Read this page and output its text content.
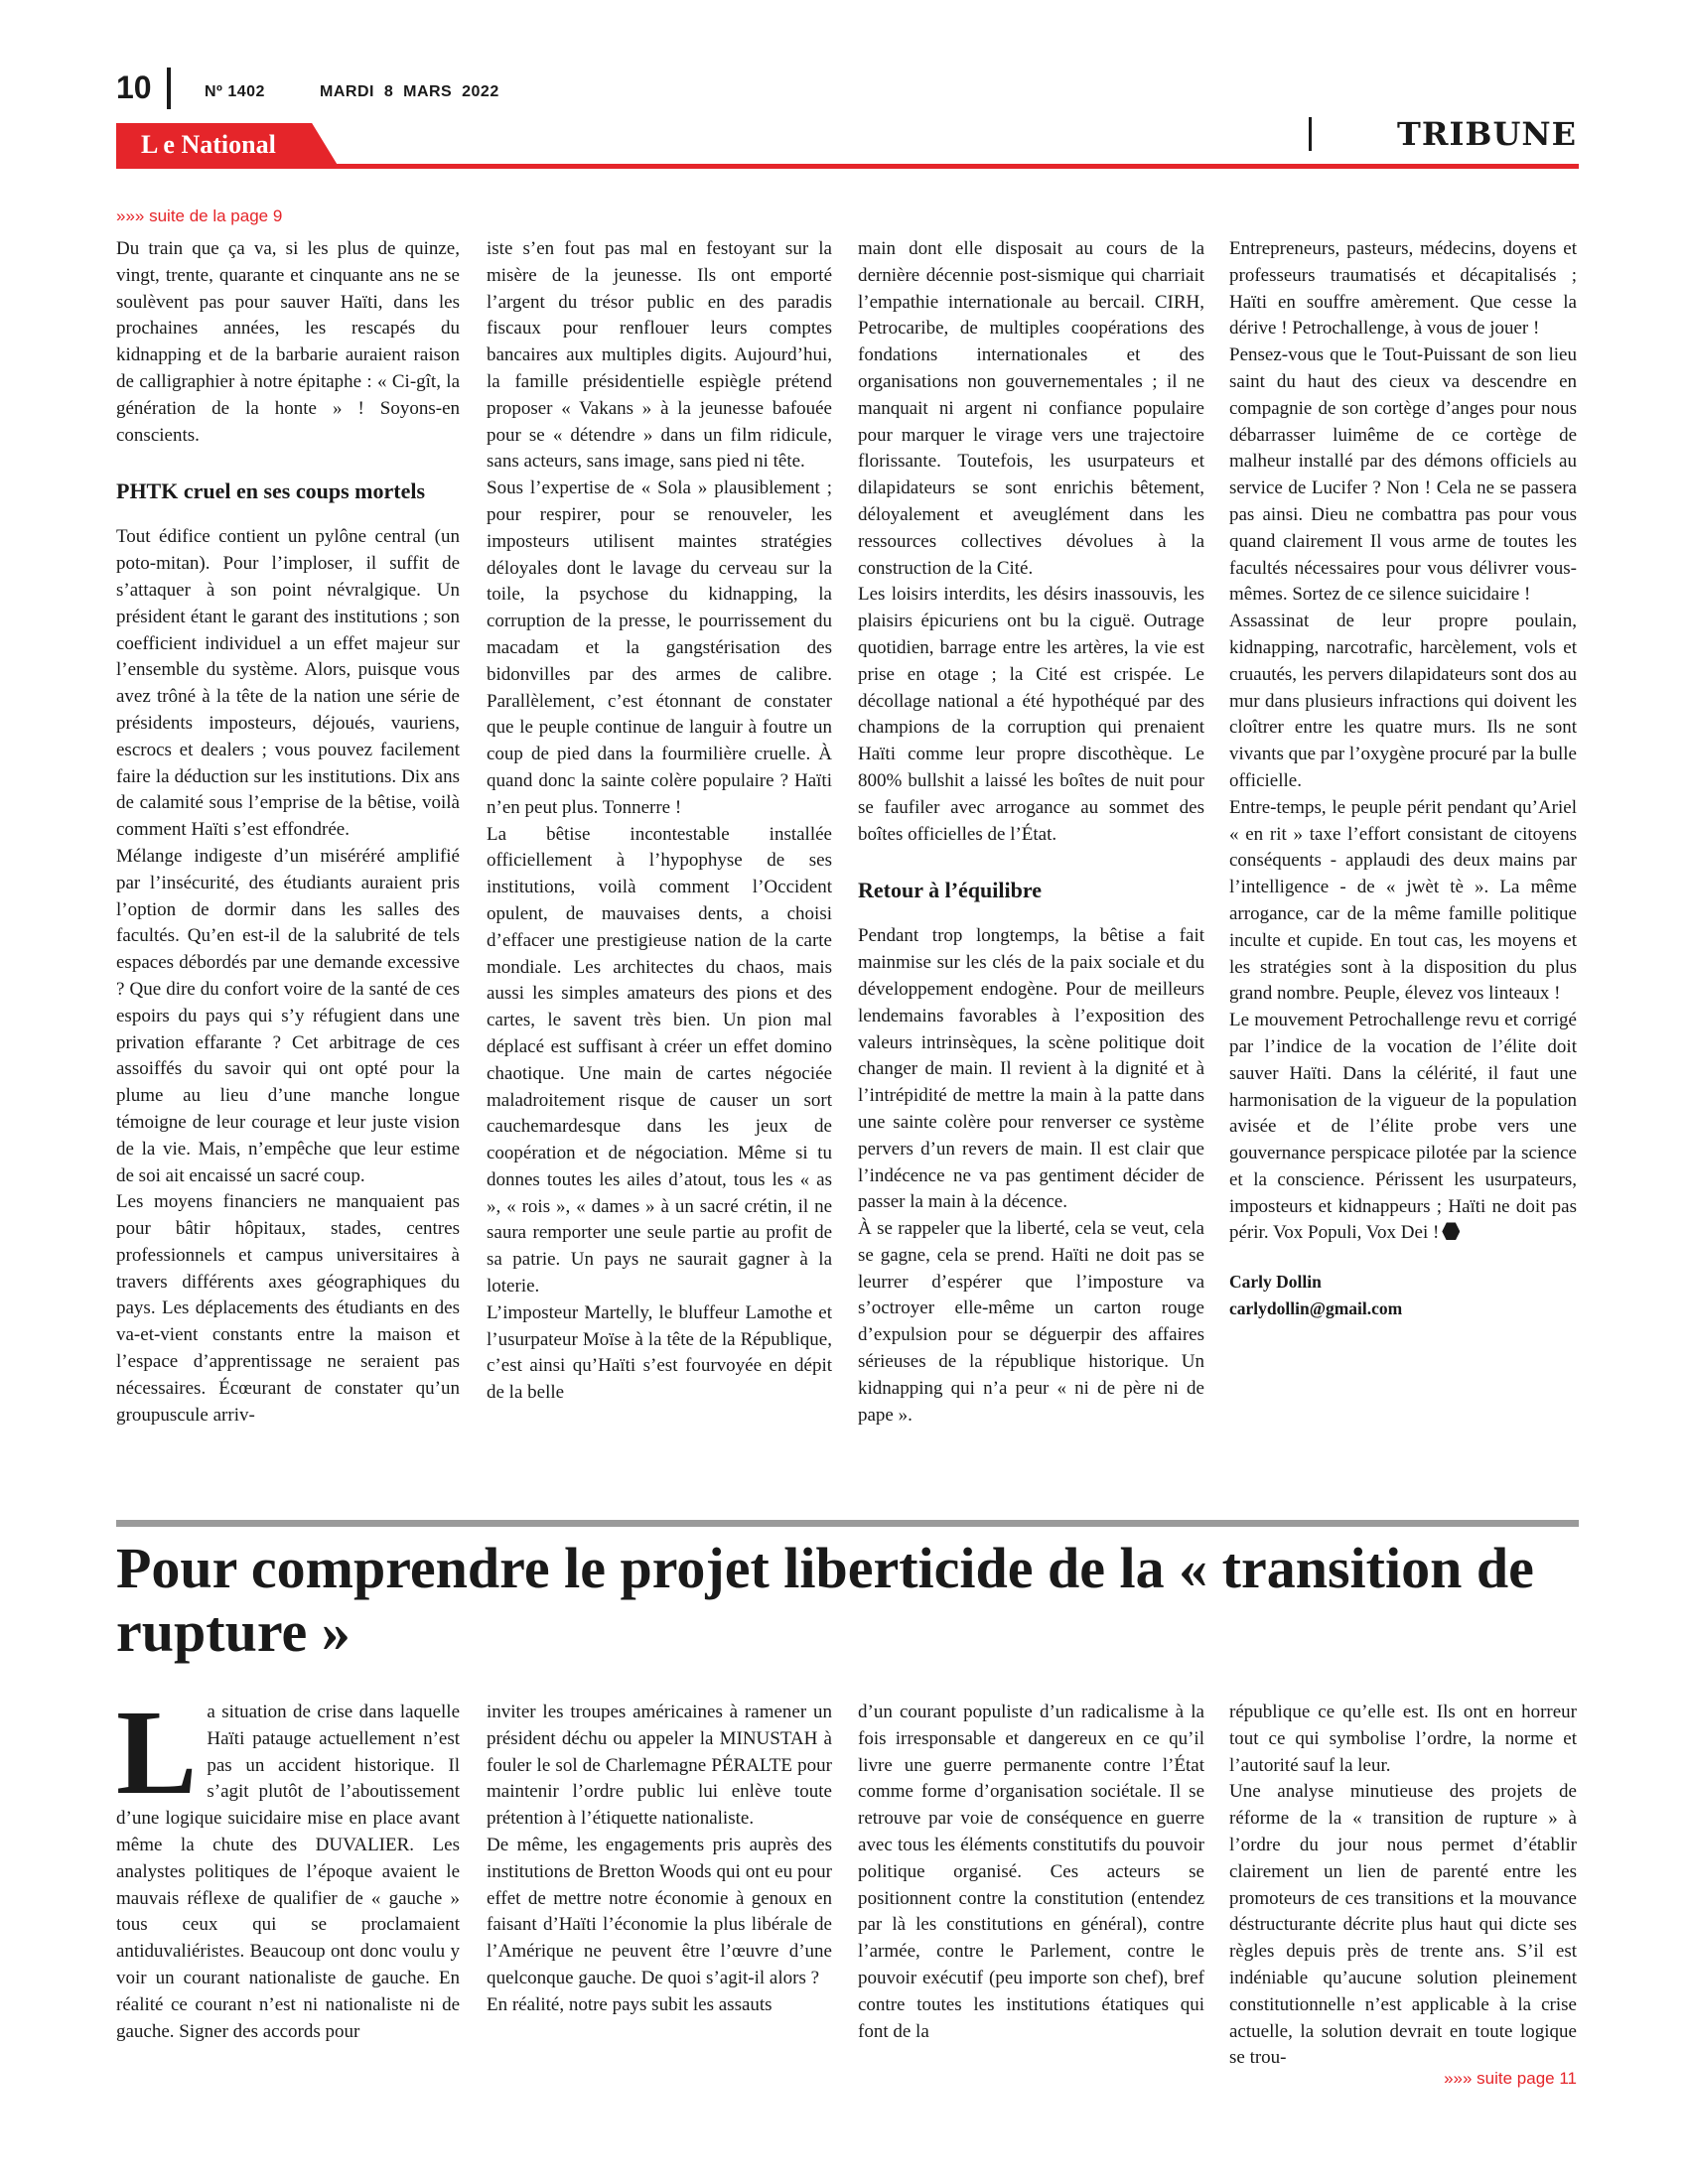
10	Nº 1402	MARDI  8  MARS  2022
L e National	TRIBUNE
»»» suite de la page 9

Du train que ça va, si les plus de quinze, vingt, trente, quarante et cinquante ans ne se soulèvent pas pour sauver Haïti, dans les prochaines années, les rescapés du kidnapping et de la barbarie auraient raison de calligraphier à notre épitaphe : « Ci-gît, la génération de la honte » ! Soyons-en conscients.

PHTK cruel en ses coups mortels

Tout édifice contient un pylône central (un poto-mitan). Pour l’imploser, il suffit de s’attaquer à son point névralgique. Un président étant le garant des institutions ; son coefficient individuel a un effet majeur sur l’ensemble du système. Alors, puisque vous avez trôné à la tête de la nation une série de présidents imposteurs, déjoués, vauriens, escrocs et dealers ; vous pouvez facilement faire la déduction sur les institutions. Dix ans de calamité sous l’emprise de la bêtise, voilà comment Haïti s’est effondrée.

Mélange indigeste d’un miséréré amplifié par l’insécurité, des étudiants auraient pris l’option de dormir dans les salles des facultés. Qu’en est-il de la salubrité de tels espaces débordés par une demande excessive ? Que dire du confort voire de la santé de ces espoirs du pays qui s’y réfugient dans une privation effarante ? Cet arbitrage de ces assoiffés du savoir qui ont opté pour la plume au lieu d’une manche longue témoigne de leur courage et leur juste vision de la vie. Mais, n’empêche que leur estime de soi ait encaissé un sacré coup.

Les moyens financiers ne manquaient pas pour bâtir hôpitaux, stades, centres professionnels et campus universitaires à travers différents axes géographiques du pays. Les déplacements des étudiants en des va-et-vient constants entre la maison et l’espace d’apprentissage ne seraient pas nécessaires. Écœurant de constater qu’un groupuscule arriv-

iste s’en fout pas mal en festoyant sur la misère de la jeunesse. Ils ont emporté l’argent du trésor public en des paradis fiscaux pour renflouer leurs comptes bancaires aux multiples digits. Aujourd’hui, la famille présidentielle espiègle prétend proposer « Vakans » à la jeunesse bafouée pour se « détendre » dans un film ridicule, sans acteurs, sans image, sans pied ni tête.

Sous l’expertise de « Sola » plausiblement ; pour respirer, pour se renouveler, les imposteurs utilisent maintes stratégies déloyales dont le lavage du cerveau sur la toile, la psychose du kidnapping, la corruption de la presse, le pourrissement du macadam et la gangstérisation des bidonvilles par des armes de calibre. Parallèlement, c’est étonnant de constater que le peuple continue de languir à foutre un coup de pied dans la fourmilière cruelle. À quand donc la sainte colère populaire ? Haïti n’en peut plus. Tonnerre !

La bêtise incontestable installée officiellement à l’hypophyse de ses institutions, voilà comment l’Occident opulent, de mauvaises dents, a choisi d’effacer une prestigieuse nation de la carte mondiale. Les architectes du chaos, mais aussi les simples amateurs des pions et des cartes, le savent très bien. Un pion mal déplacé est suffisant à créer un effet domino chaotique. Une main de cartes négociée maladroitement risque de causer un sort cauchemardesque dans les jeux de coopération et de négociation. Même si tu donnes toutes les ailes d’atout, tous les « as », « rois », « dames » à un sacré crétin, il ne saura remporter une seule partie au profit de sa patrie. Un pays ne saurait gagner à la loterie.

L’imposteur Martelly, le bluffeur Lamothe et l’usurpateur Moïse à la tête de la République, c’est ainsi qu’Haïti s’est fourvoyée en dépit de la belle

main dont elle disposait au cours de la dernière décennie post-sismique qui charriait l’empathie internationale au bercail. CIRH, Petrocaribe, de multiples coopérations des fondations internationales et des organisations non gouvernementales ; il ne manquait ni argent ni confiance populaire pour marquer le virage vers une trajectoire florissante. Toutefois, les usurpateurs et dilapidateurs se sont enrichis bêtement, déloyalement et aveuglément dans les ressources collectives dévolues à la construction de la Cité.

Les loisirs interdits, les désirs inassouvis, les plaisirs épicuriens ont bu la ciguë. Outrage quotidien, barrage entre les artères, la vie est prise en otage ; la Cité est crispée. Le décollage national a été hypothéqué par des champions de la corruption qui prenaient Haïti comme leur propre discothèque. Le 800% bullshit a laissé les boîtes de nuit pour se faufiler avec arrogance au sommet des boîtes officielles de l’État.

Retour à l’équilibre

Pendant trop longtemps, la bêtise a fait mainmise sur les clés de la paix sociale et du développement endogène. Pour de meilleurs lendemains favorables à l’exposition des valeurs intrinsèques, la scène politique doit changer de main. Il revient à la dignité et à l’intrépidité de mettre la main à la patte dans une sainte colère pour renverser ce système pervers d’un revers de main. Il est clair que l’indécence ne va pas gentiment décider de passer la main à la décence.

À se rappeler que la liberté, cela se veut, cela se gagne, cela se prend. Haïti ne doit pas se leurrer d’espérer que l’imposture va s’octroyer elle-même un carton rouge d’expulsion pour se déguerpir des affaires sérieuses de la république historique. Un kidnapping qui n’a peur « ni de père ni de pape ».

Entrepreneurs, pasteurs, médecins, doyens et professeurs traumatisés et décapitalisés ; Haïti en souffre amèrement. Que cesse la dérive ! Petrochallenge, à vous de jouer !

Pensez-vous que le Tout-Puissant de son lieu saint du haut des cieux va descendre en compagnie de son cortège d’anges pour nous débarrasser luimême de ce cortège de malheur installé par des démons officiels au service de Lucifer ? Non ! Cela ne se passera pas ainsi. Dieu ne combattra pas pour vous quand clairement Il vous arme de toutes les facultés nécessaires pour vous délivrer vous-mêmes. Sortez de ce silence suicidaire !

Assassinat de leur propre poulain, kidnapping, narcotrafic, harcèlement, vols et cruautés, les pervers dilapidateurs sont dos au mur dans plusieurs infractions qui doivent les cloîtrer entre les quatre murs. Ils ne sont vivants que par l’oxygène procuré par la bulle officielle.

Entre-temps, le peuple périt pendant qu’Ariel « en rit » taxe l’effort consistant de citoyens conséquents - applaudi des deux mains par l’intelligence - de « jwèt tè ». La même arrogance, car de la même famille politique inculte et cupide. En tout cas, les moyens et les stratégies sont à la disposition du plus grand nombre. Peuple, élevez vos linteaux !

Le mouvement Petrochallenge revu et corrigé par l’indice de la vocation de l’élite doit sauver Haïti. Dans la célérité, il faut une harmonisation de la vigueur de la population avisée et de l’élite probe vers une gouvernance perspicace pilotée par la science et la conscience. Périssent les usurpateurs, imposteurs et kidnappeurs ; Haïti ne doit pas périr. Vox Populi, Vox Dei !

Carly Dollin

carlydollin@gmail.com

Pour comprendre le projet liberticide de la « transition de rupture »

La situation de crise dans laquelle Haïti patauge actuellement n’est pas un accident historique. Il s’agit plutôt de l’aboutissement d’une logique suicidaire mise en place avant même la chute des DUVALIER. Les analystes politiques de l’époque avaient le mauvais réflexe de qualifier de « gauche » tous ceux qui se proclamaient antiduvaliéristes. Beaucoup ont donc voulu y voir un courant nationaliste de gauche. En réalité ce courant n’est ni nationaliste ni de gauche. Signer des accords pour

inviter les troupes américaines à ramener un président déchu ou appeler la MINUSTAH à fouler le sol de Charlemagne PÉRALTE pour maintenir l’ordre public lui enlève toute prétention à l’étiquette nationaliste.

De même, les engagements pris auprès des institutions de Bretton Woods qui ont eu pour effet de mettre notre économie à genoux en faisant d’Haïti l’économie la plus libérale de l’Amérique ne peuvent être l’œuvre d’une quelconque gauche. De quoi s’agit-il alors ?

En réalité, notre pays subit les assauts

d’un courant populiste d’un radicalisme à la fois irresponsable et dangereux en ce qu’il livre une guerre permanente contre l’État comme forme d’organisation sociétale. Il se retrouve par voie de conséquence en guerre avec tous les éléments constitutifs du pouvoir politique organisé. Ces acteurs se positionnent contre la constitution (entendez par là les constitutions en général), contre l’armée, contre le Parlement, contre le pouvoir exécutif (peu importe son chef), bref contre toutes les institutions étatiques qui font de la

république ce qu’elle est. Ils ont en horreur tout ce qui symbolise l’ordre, la norme et l’autorité sauf la leur.

Une analyse minutieuse des projets de réforme de la « transition de rupture » à l’ordre du jour nous permet d’établir clairement un lien de parenté entre les promoteurs de ces transitions et la mouvance déstructurante décrite plus haut qui dicte ses règles depuis près de trente ans. S’il est indéniable qu’aucune solution pleinement constitutionnelle n’est applicable à la crise actuelle, la solution devrait en toute logique se trou-

»»» suite page 11
